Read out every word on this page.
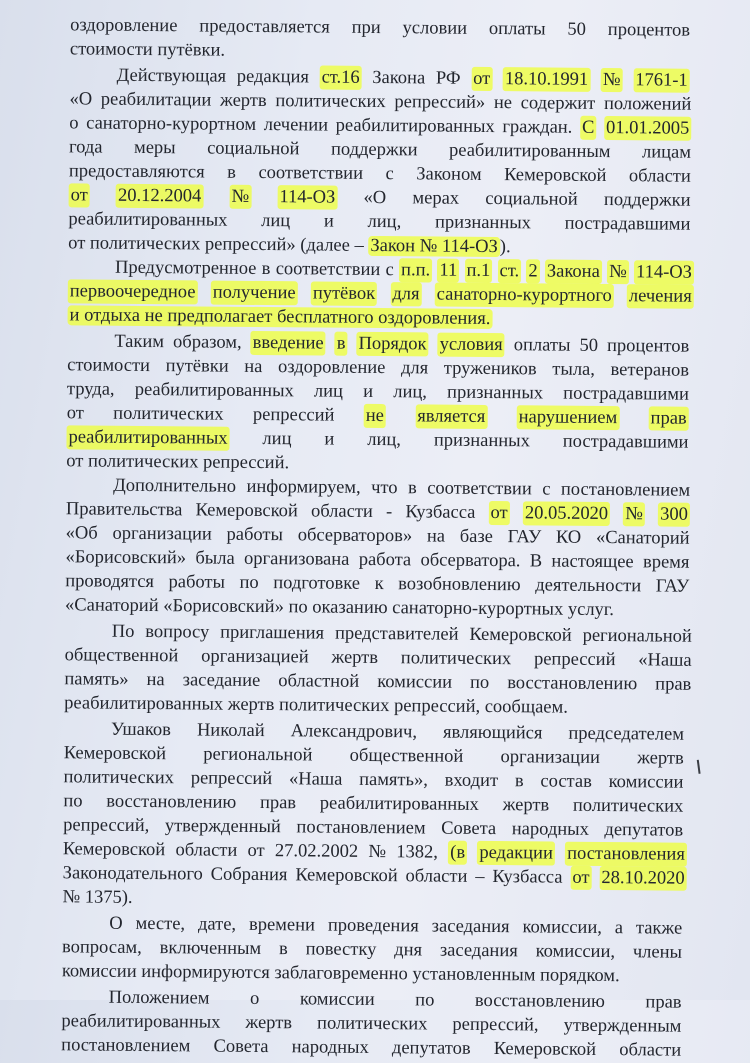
оздоровление предоставляется при условии оплаты 50 процентов
стоимости путёвки.
Действующая редакция ст.16 Закона РФ от 18.10.1991 № 1761-1
«О реабилитации жертв политических репрессий» не содержит положений
о санаторно-курортном лечении реабилитированных граждан. С 01.01.2005
года меры социальной поддержки реабилитированным лицам
предоставляются в соответствии с Законом Кемеровской области
от 20.12.2004 № 114-ОЗ «О мерах социальной поддержки
реабилитированных лиц и лиц, признанных пострадавшими
от политических репрессий» (далее – Закон № 114-ОЗ).
Предусмотренное в соответствии с п.п. 11 п.1 ст. 2 Закона № 114-ОЗ
первоочередное получение путёвок для санаторно-курортного лечения
и отдыха не предполагает бесплатного оздоровления.
Таким образом, введение в Порядок условия оплаты 50 процентов
стоимости путёвки на оздоровление для тружеников тыла, ветеранов
труда, реабилитированных лиц и лиц, признанных пострадавшими
от политических репрессий не является нарушением прав
реабилитированных лиц и лиц, признанных пострадавшими
от политических репрессий.
Дополнительно информируем, что в соответствии с постановлением
Правительства Кемеровской области - Кузбасса от 20.05.2020 № 300
«Об организации работы обсерваторов» на базе ГАУ КО «Санаторий
«Борисовский» была организована работа обсерватора. В настоящее время
проводятся работы по подготовке к возобновлению деятельности ГАУ
«Санаторий «Борисовский» по оказанию санаторно-курортных услуг.
По вопросу приглашения представителей Кемеровской региональной
общественной организацией жертв политических репрессий «Наша
память» на заседание областной комиссии по восстановлению прав
реабилитированных жертв политических репрессий, сообщаем.
Ушаков Николай Александрович, являющийся председателем
Кемеровской региональной общественной организации жертв
политических репрессий «Наша память», входит в состав комиссии
по восстановлению прав реабилитированных жертв политических
репрессий, утвержденный постановлением Совета народных депутатов
Кемеровской области от 27.02.2002 № 1382, (в редакции постановления
Законодательного Собрания Кемеровской области – Кузбасса от 28.10.2020
№ 1375).
О месте, дате, времени проведения заседания комиссии, а также
вопросам, включенным в повестку дня заседания комиссии, члены
комиссии информируются заблаговременно установленным порядком.
Положением о комиссии по восстановлению прав
реабилитированных жертв политических репрессий, утвержденным
постановлением Совета народных депутатов Кемеровской области
